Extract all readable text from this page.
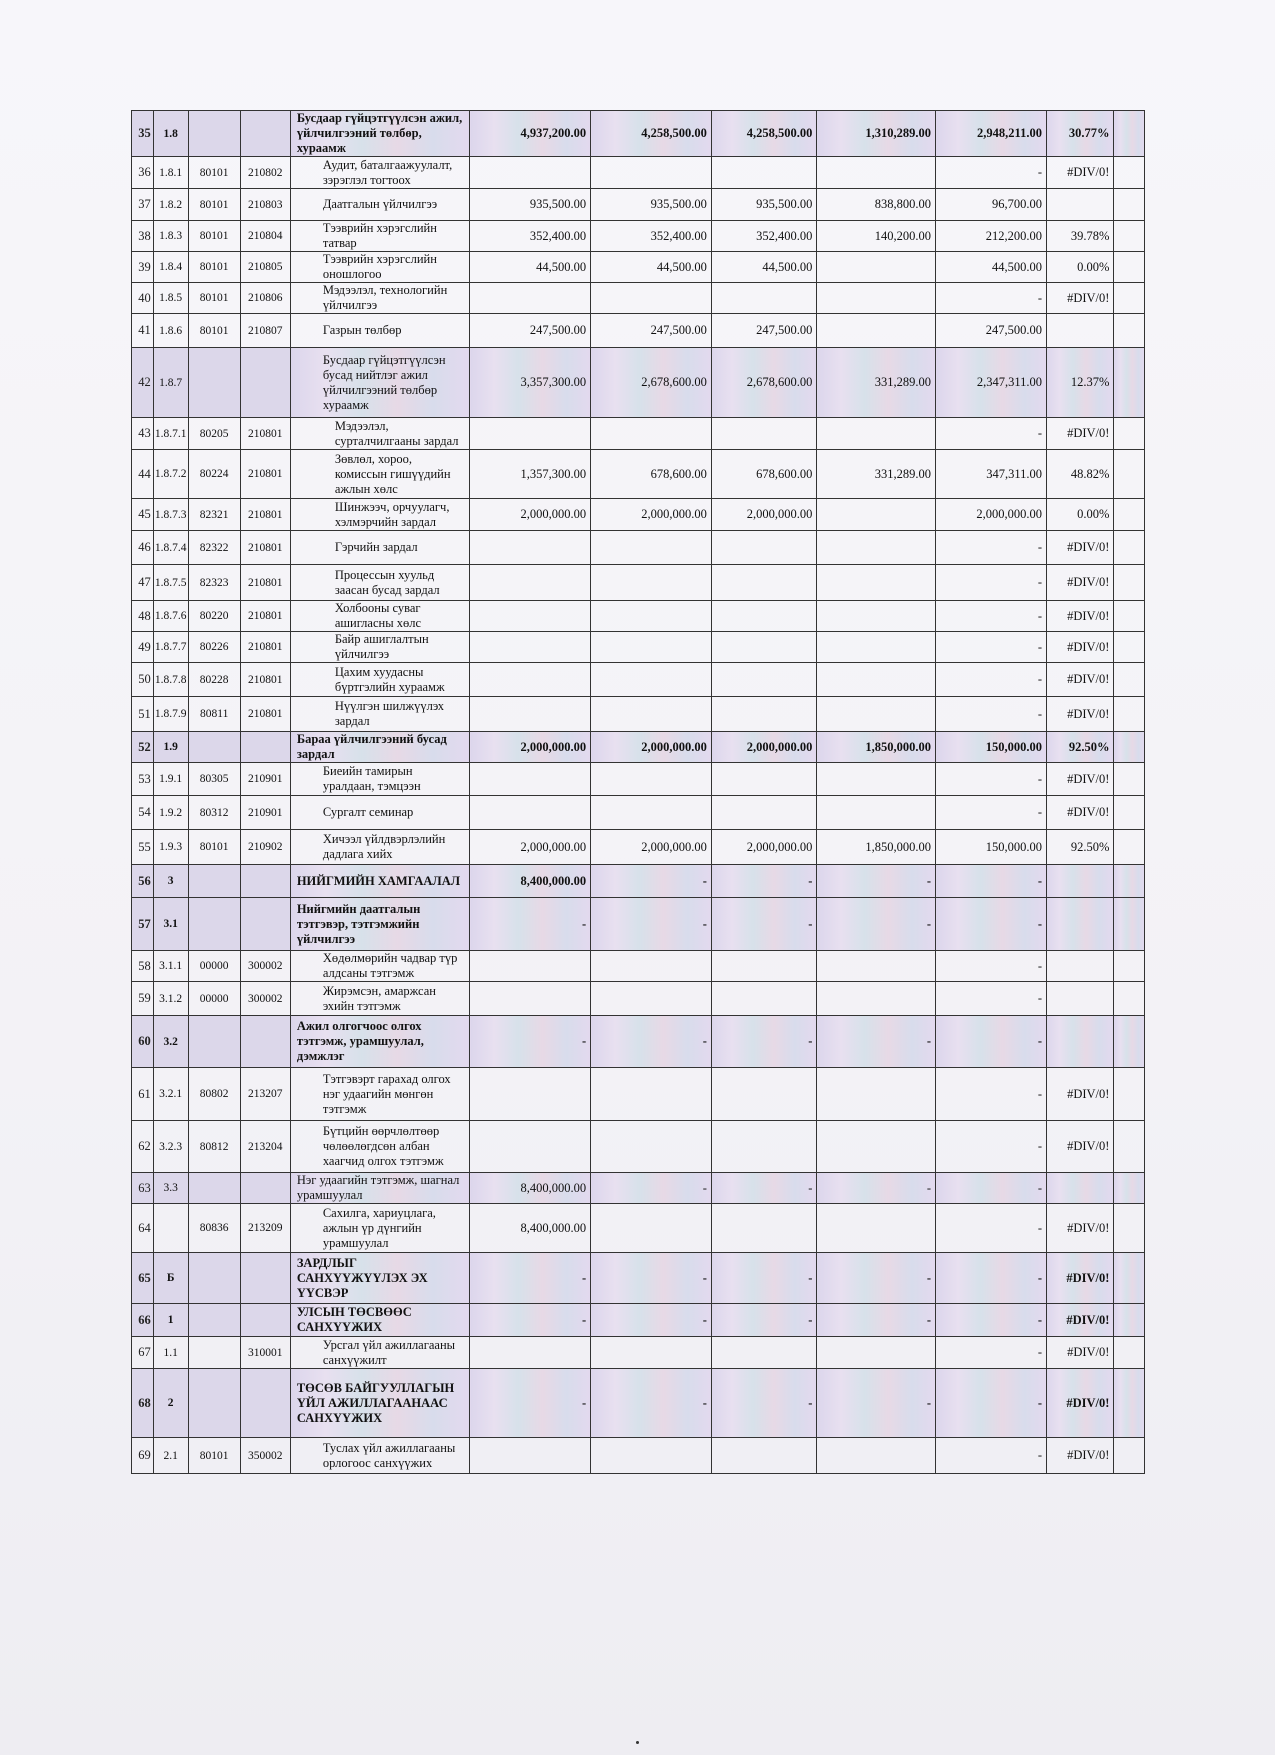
35	1.8			Бусдаар гүйцэтгүүлсэн ажил, үйлчилгээний төлбөр, хураамж	4,937,200.00	4,258,500.00	4,258,500.00	1,310,289.00	2,948,211.00	30.77%	
36	1.8.1	80101	210802	Аудит, баталгаажуулалт, зэрэглэл тогтоох					-	#DIV/0!	
37	1.8.2	80101	210803	Даатгалын үйлчилгээ	935,500.00	935,500.00	935,500.00	838,800.00	96,700.00		
38	1.8.3	80101	210804	Тээврийн хэрэгслийн татвар	352,400.00	352,400.00	352,400.00	140,200.00	212,200.00	39.78%	
39	1.8.4	80101	210805	Тээврийн хэрэгслийн оношлогоо	44,500.00	44,500.00	44,500.00		44,500.00	0.00%	
40	1.8.5	80101	210806	Мэдээлэл, технологийн үйлчилгээ					-	#DIV/0!	
41	1.8.6	80101	210807	Газрын төлбөр	247,500.00	247,500.00	247,500.00		247,500.00		
42	1.8.7			Бусдаар гүйцэтгүүлсэн бусад нийтлэг ажил үйлчилгээний төлбөр хураамж	3,357,300.00	2,678,600.00	2,678,600.00	331,289.00	2,347,311.00	12.37%	
43	1.8.7.1	80205	210801	Мэдээлэл, сурталчилгааны зардал					-	#DIV/0!	
44	1.8.7.2	80224	210801	Зөвлөл, хороо, комиссын гишүүдийн ажлын хөлс	1,357,300.00	678,600.00	678,600.00	331,289.00	347,311.00	48.82%	
45	1.8.7.3	82321	210801	Шинжээч, орчуулагч, хэлмэрчийн зардал	2,000,000.00	2,000,000.00	2,000,000.00		2,000,000.00	0.00%	
46	1.8.7.4	82322	210801	Гэрчийн зардал					-	#DIV/0!	
47	1.8.7.5	82323	210801	Процессын хуульд заасан бусад зардал					-	#DIV/0!	
48	1.8.7.6	80220	210801	Холбооны суваг ашигласны хөлс					-	#DIV/0!	
49	1.8.7.7	80226	210801	Байр ашиглалтын үйлчилгээ					-	#DIV/0!	
50	1.8.7.8	80228	210801	Цахим хуудасны бүртгэлийн хураамж					-	#DIV/0!	
51	1.8.7.9	80811	210801	Нүүлгэн шилжүүлэх зардал					-	#DIV/0!	
52	1.9			Бараа үйлчилгээний бусад зардал	2,000,000.00	2,000,000.00	2,000,000.00	1,850,000.00	150,000.00	92.50%	
53	1.9.1	80305	210901	Биеийн тамирын уралдаан, тэмцээн					-	#DIV/0!	
54	1.9.2	80312	210901	Сургалт семинар					-	#DIV/0!	
55	1.9.3	80101	210902	Хичээл үйлдвэрлэлийн дадлага хийх	2,000,000.00	2,000,000.00	2,000,000.00	1,850,000.00	150,000.00	92.50%	
56	3			НИЙГМИЙН ХАМГААЛАЛ	8,400,000.00	-	-	-	-		
57	3.1			Нийгмийн даатгалын тэтгэвэр, тэтгэмжийн үйлчилгээ	-	-	-	-	-		
58	3.1.1	00000	300002	Хөдөлмөрийн чадвар түр алдсаны тэтгэмж					-		
59	3.1.2	00000	300002	Жирэмсэн, амаржсан эхийн тэтгэмж					-		
60	3.2			Ажил олгогчоос олгох тэтгэмж, урамшуулал, дэмжлэг	-	-	-	-	-		
61	3.2.1	80802	213207	Тэтгэвэрт гарахад олгох нэг удаагийн мөнгөн тэтгэмж					-	#DIV/0!	
62	3.2.3	80812	213204	Бүтцийн өөрчлөлтөөр чөлөөлөгдсөн албан хаагчид олгох тэтгэмж					-	#DIV/0!	
63	3.3			Нэг удаагийн тэтгэмж, шагнал урамшуулал	8,400,000.00	-	-	-	-		
64		80836	213209	Сахилга, хариуцлага, ажлын үр дүнгийн урамшуулал	8,400,000.00				-	#DIV/0!	
65	Б			ЗАРДЛЫГ САНХҮҮЖҮҮЛЭХ ЭХ ҮҮСВЭР	-	-	-	-	-	#DIV/0!	
66	1			УЛСЫН ТӨСВӨӨС САНХҮҮЖИХ	-	-	-	-	-	#DIV/0!	
67	1.1		310001	Урсгал үйл ажиллагааны санхүүжилт					-	#DIV/0!	
68	2			ТӨСӨВ БАЙГУУЛЛАГЫН ҮЙЛ АЖИЛЛАГААНААС САНХҮҮЖИХ	-	-	-	-	-	#DIV/0!	
69	2.1	80101	350002	Туслах үйл ажиллагааны орлогоос санхүүжих					-	#DIV/0!	
